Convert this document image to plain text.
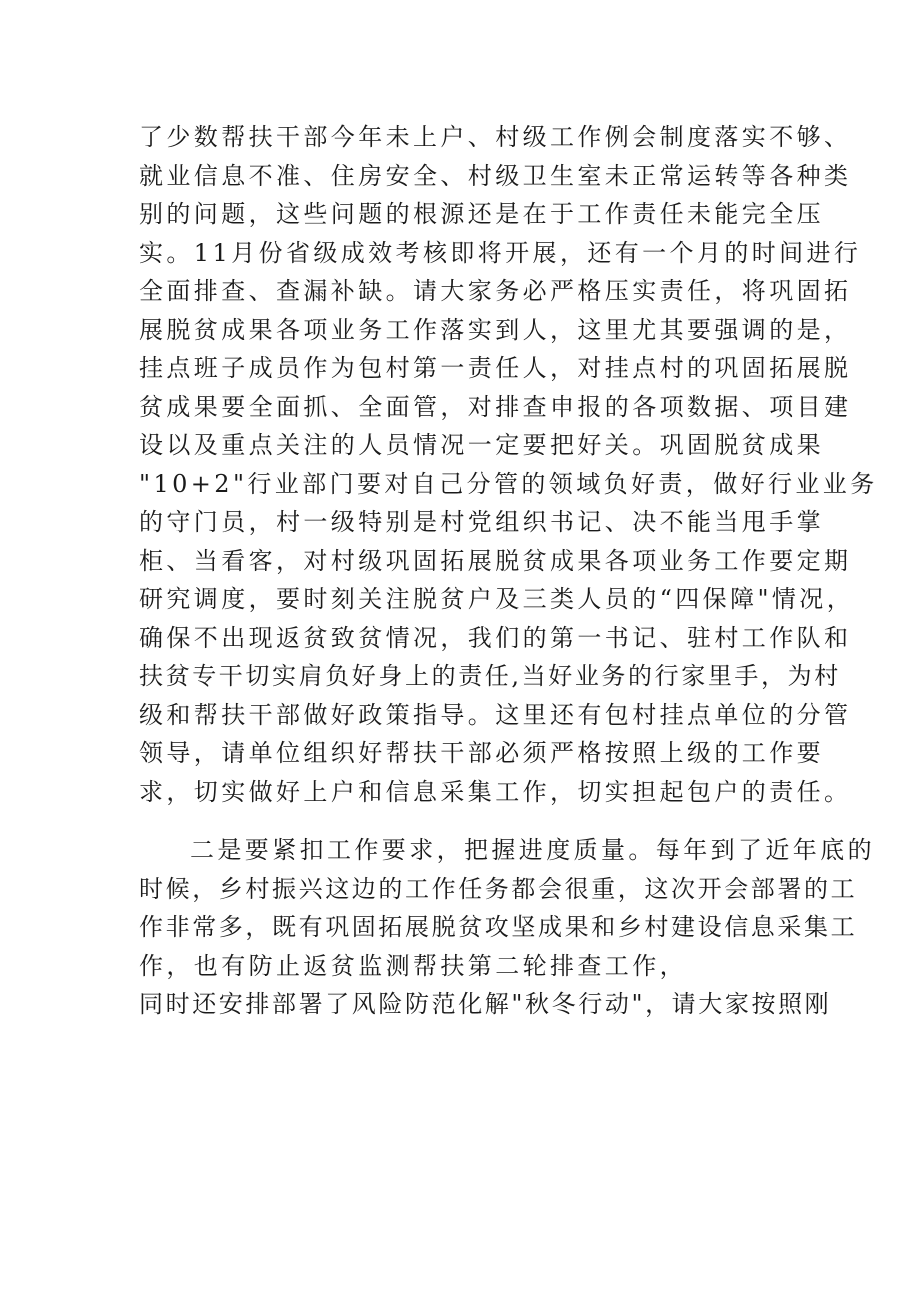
了少数帮扶干部今年未上户、村级工作例会制度落实不够、
就业信息不准、住房安全、村级卫生室未正常运转等各种类
别的问题，这些问题的根源还是在于工作责任未能完全压
实。11月份省级成效考核即将开展，还有一个月的时间进行
全面排查、查漏补缺。请大家务必严格压实责任，将巩固拓
展脱贫成果各项业务工作落实到人，这里尤其要强调的是，
挂点班子成员作为包村第一责任人，对挂点村的巩固拓展脱
贫成果要全面抓、全面管，对排查申报的各项数据、项目建
设以及重点关注的人员情况一定要把好关。巩固脱贫成果
"10+2"行业部门要对自己分管的领域负好责，做好行业业务
的守门员，村一级特别是村党组织书记、决不能当甩手掌
柜、当看客，对村级巩固拓展脱贫成果各项业务工作要定期
研究调度，要时刻关注脱贫户及三类人员的“四保障"情况，
确保不出现返贫致贫情况，我们的第一书记、驻村工作队和
扶贫专干切实肩负好身上的责任,当好业务的行家里手，为村
级和帮扶干部做好政策指导。这里还有包村挂点单位的分管
领导，请单位组织好帮扶干部必须严格按照上级的工作要
求，切实做好上户和信息采集工作，切实担起包户的责任。
二是要紧扣工作要求，把握进度质量。每年到了近年底的
时候，乡村振兴这边的工作任务都会很重，这次开会部署的工
作非常多，既有巩固拓展脱贫攻坚成果和乡村建设信息采集工
作，也有防止返贫监测帮扶第二轮排查工作，
同时还安排部署了风险防范化解"秋冬行动"，请大家按照刚
